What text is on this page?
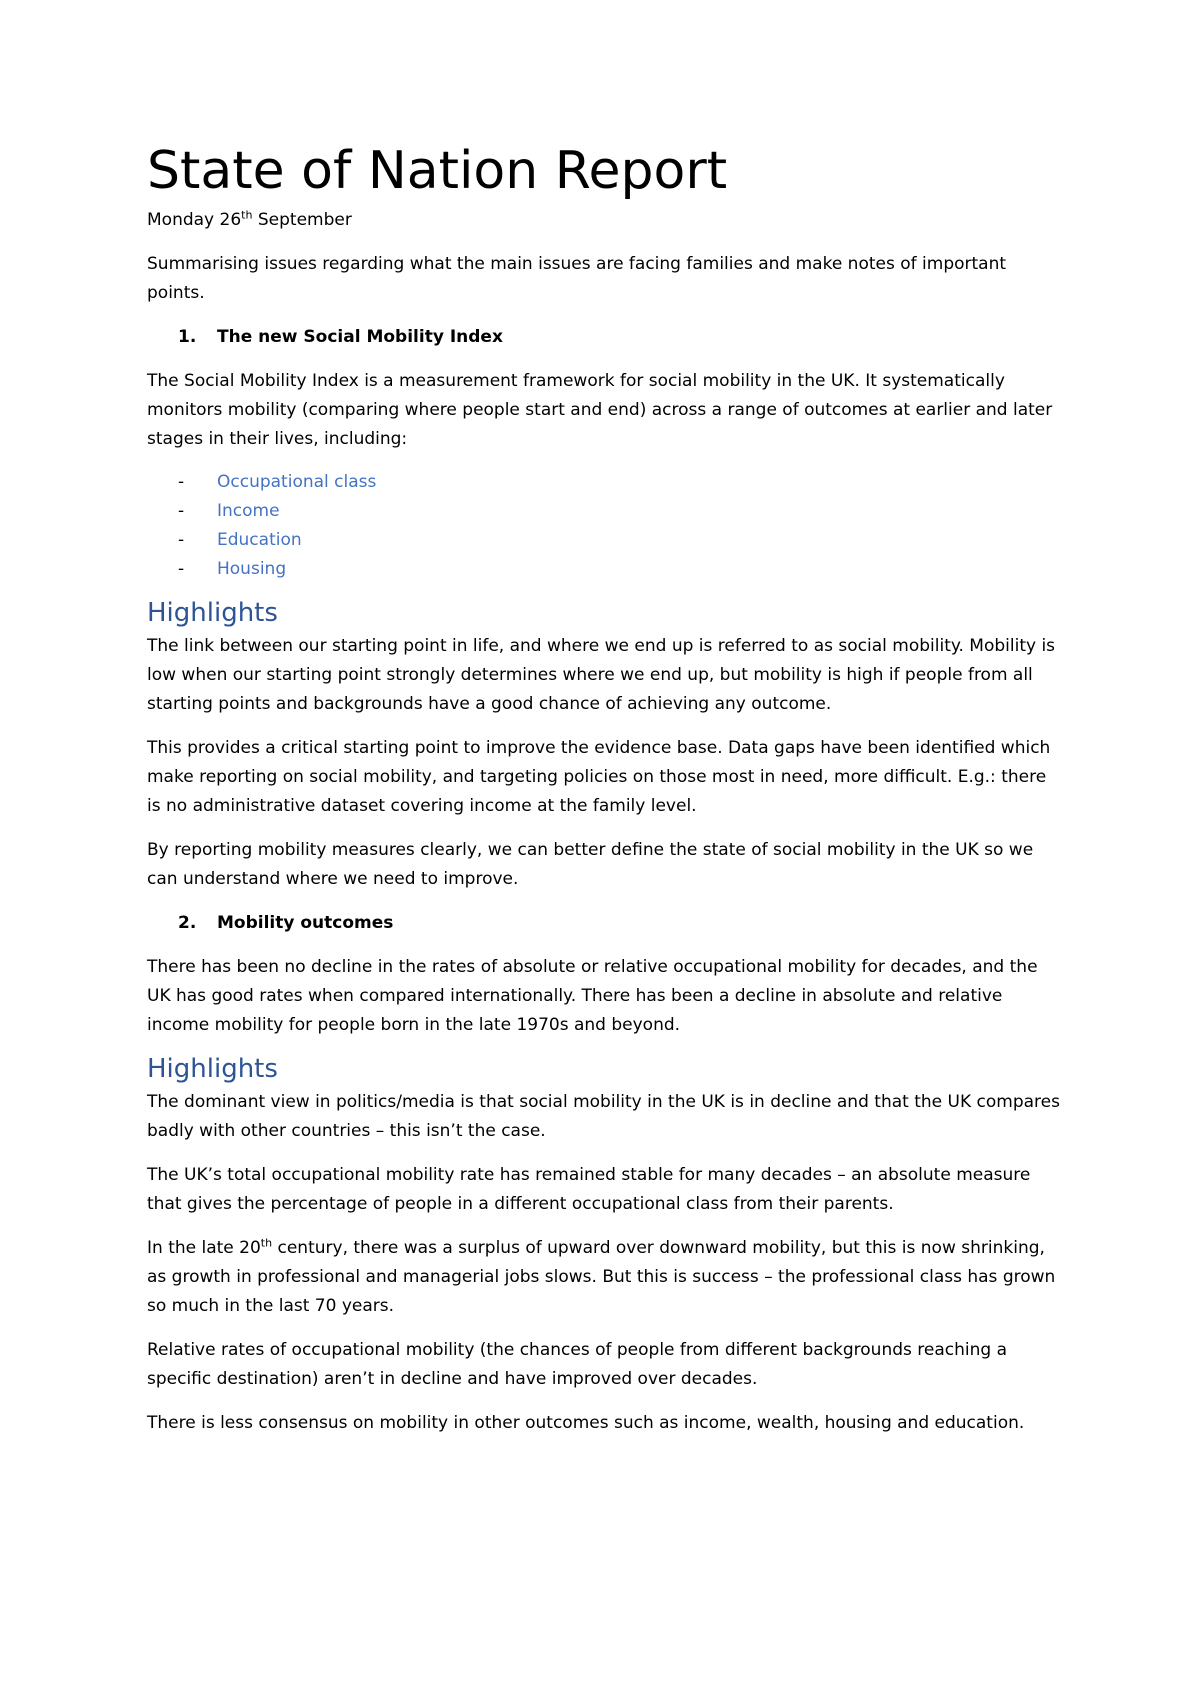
State of Nation Report
Monday 26th September

Summarising issues regarding what the main issues are facing families and make notes of important points.

1. The new Social Mobility Index

The Social Mobility Index is a measurement framework for social mobility in the UK. It systematically monitors mobility (comparing where people start and end) across a range of outcomes at earlier and later stages in their lives, including:

- Occupational class
- Income
- Education
- Housing
Highlights

The link between our starting point in life, and where we end up is referred to as social mobility. Mobility is low when our starting point strongly determines where we end up, but mobility is high if people from all starting points and backgrounds have a good chance of achieving any outcome.

This provides a critical starting point to improve the evidence base. Data gaps have been identified which make reporting on social mobility, and targeting policies on those most in need, more difficult. E.g.: there is no administrative dataset covering income at the family level.

By reporting mobility measures clearly, we can better define the state of social mobility in the UK so we can understand where we need to improve.

2. Mobility outcomes

There has been no decline in the rates of absolute or relative occupational mobility for decades, and the UK has good rates when compared internationally. There has been a decline in absolute and relative income mobility for people born in the late 1970s and beyond.

Highlights

The dominant view in politics/media is that social mobility in the UK is in decline and that the UK compares badly with other countries – this isn’t the case.

The UK’s total occupational mobility rate has remained stable for many decades – an absolute measure that gives the percentage of people in a different occupational class from their parents.

In the late 20th century, there was a surplus of upward over downward mobility, but this is now shrinking, as growth in professional and managerial jobs slows. But this is success – the professional class has grown so much in the last 70 years.

Relative rates of occupational mobility (the chances of people from different backgrounds reaching a specific destination) aren’t in decline and have improved over decades.

There is less consensus on mobility in other outcomes such as income, wealth, housing and education.
